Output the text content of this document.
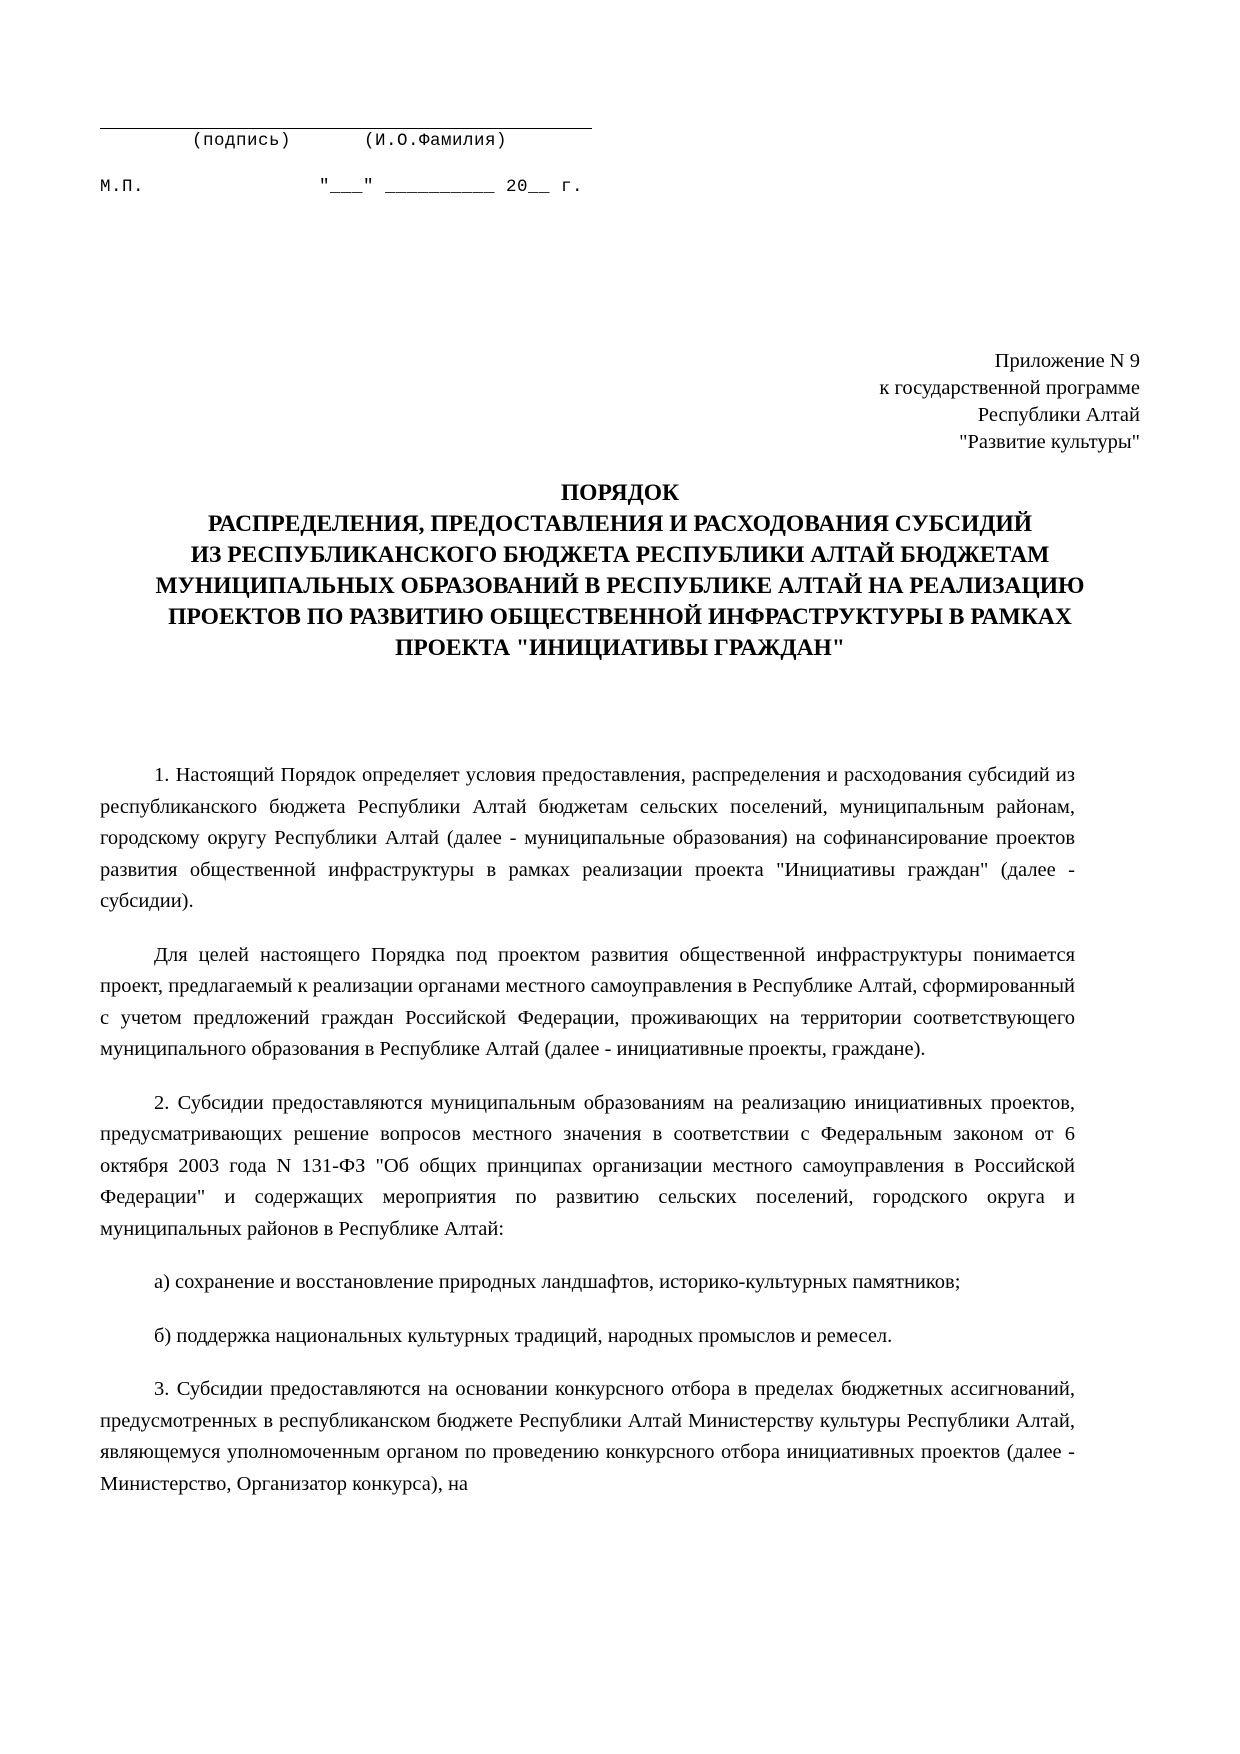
(подпись)	(И.О.Фамилия)

М.П.

	"___" __________ 20__ г.

Приложение N 9
к государственной программе
Республики Алтай
"Развитие культуры"
ПОРЯДОК
РАСПРЕДЕЛЕНИЯ, ПРЕДОСТАВЛЕНИЯ И РАСХОДОВАНИЯ СУБСИДИЙ
ИЗ РЕСПУБЛИКАНСКОГО БЮДЖЕТА РЕСПУБЛИКИ АЛТАЙ БЮДЖЕТАМ
МУНИЦИПАЛЬНЫХ ОБРАЗОВАНИЙ В РЕСПУБЛИКЕ АЛТАЙ НА РЕАЛИЗАЦИЮ
ПРОЕКТОВ ПО РАЗВИТИЮ ОБЩЕСТВЕННОЙ ИНФРАСТРУКТУРЫ В РАМКАХ
ПРОЕКТА "ИНИЦИАТИВЫ ГРАЖДАН"

1. Настоящий Порядок определяет условия предоставления, распределения и расходования субсидий из республиканского бюджета Республики Алтай бюджетам сельских поселений, муниципальным районам, городскому округу Республики Алтай (далее - муниципальные образования) на софинансирование проектов развития общественной инфраструктуры в рамках реализации проекта "Инициативы граждан" (далее - субсидии).

Для целей настоящего Порядка под проектом развития общественной инфраструктуры понимается проект, предлагаемый к реализации органами местного самоуправления в Республике Алтай, сформированный с учетом предложений граждан Российской Федерации, проживающих на территории соответствующего муниципального образования в Республике Алтай (далее - инициативные проекты, граждане).

2. Субсидии предоставляются муниципальным образованиям на реализацию инициативных проектов, предусматривающих решение вопросов местного значения в соответствии с Федеральным законом от 6 октября 2003 года N 131-ФЗ "Об общих принципах организации местного самоуправления в Российской Федерации" и содержащих мероприятия по развитию сельских поселений, городского округа и муниципальных районов в Республике Алтай:

а) сохранение и восстановление природных ландшафтов, историко-культурных памятников;

б) поддержка национальных культурных традиций, народных промыслов и ремесел.

3. Субсидии предоставляются на основании конкурсного отбора в пределах бюджетных ассигнований, предусмотренных в республиканском бюджете Республики Алтай Министерству культуры Республики Алтай, являющемуся уполномоченным органом по проведению конкурсного отбора инициативных проектов (далее - Министерство, Организатор конкурса), на
